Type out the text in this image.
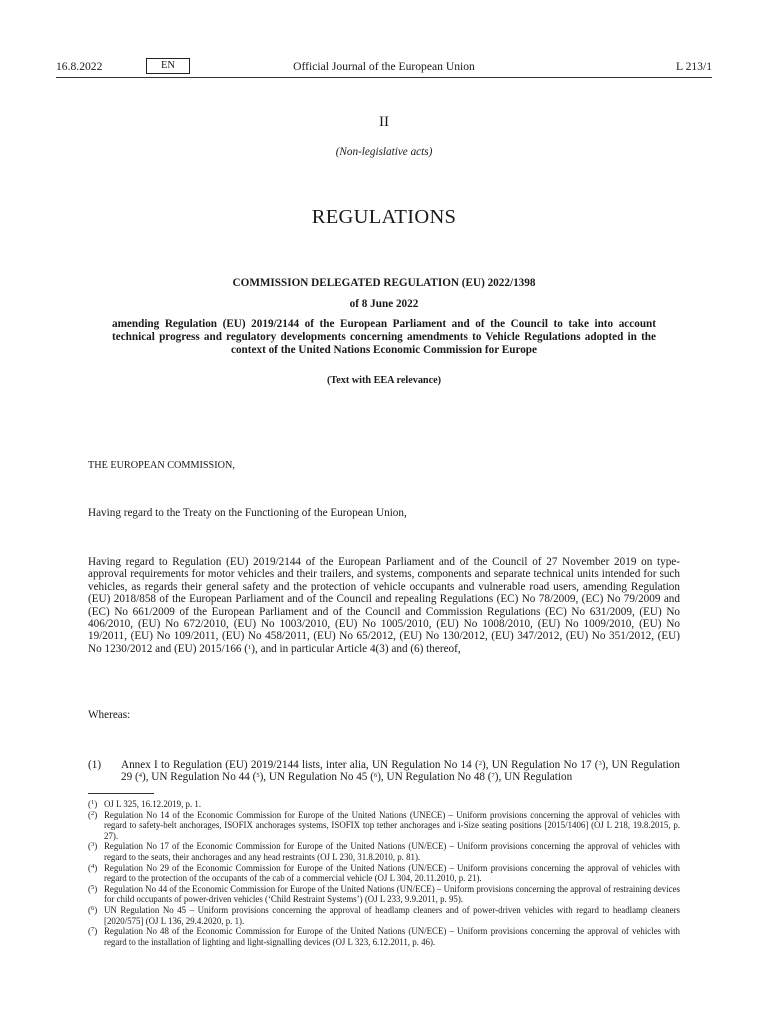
16.8.2022	EN	Official Journal of the European Union	L 213/1
II
(Non-legislative acts)
REGULATIONS
COMMISSION DELEGATED REGULATION (EU) 2022/1398
of 8 June 2022
amending Regulation (EU) 2019/2144 of the European Parliament and of the Council to take into account technical progress and regulatory developments concerning amendments to Vehicle Regulations adopted in the context of the United Nations Economic Commission for Europe
(Text with EEA relevance)
THE EUROPEAN COMMISSION,
Having regard to the Treaty on the Functioning of the European Union,
Having regard to Regulation (EU) 2019/2144 of the European Parliament and of the Council of 27 November 2019 on type-approval requirements for motor vehicles and their trailers, and systems, components and separate technical units intended for such vehicles, as regards their general safety and the protection of vehicle occupants and vulnerable road users, amending Regulation (EU) 2018/858 of the European Parliament and of the Council and repealing Regulations (EC) No 78/2009, (EC) No 79/2009 and (EC) No 661/2009 of the European Parliament and of the Council and Commission Regulations (EC) No 631/2009, (EU) No 406/2010, (EU) No 672/2010, (EU) No 1003/2010, (EU) No 1005/2010, (EU) No 1008/2010, (EU) No 1009/2010, (EU) No 19/2011, (EU) No 109/2011, (EU) No 458/2011, (EU) No 65/2012, (EU) No 130/2012, (EU) 347/2012, (EU) No 351/2012, (EU) No 1230/2012 and (EU) 2015/166 ($^1$), and in particular Article 4(3) and (6) thereof,
Whereas:
(1) Annex I to Regulation (EU) 2019/2144 lists, inter alia, UN Regulation No 14 ($^2$), UN Regulation No 17 ($^3$), UN Regulation 29 ($^4$), UN Regulation No 44 ($^5$), UN Regulation No 45 ($^6$), UN Regulation No 48 ($^7$), UN Regulation
($^1$) OJ L 325, 16.12.2019, p. 1.
($^2$) Regulation No 14 of the Economic Commission for Europe of the United Nations (UNECE) – Uniform provisions concerning the approval of vehicles with regard to safety-belt anchorages, ISOFIX anchorages systems, ISOFIX top tether anchorages and i-Size seating positions [2015/1406] (OJ L 218, 19.8.2015, p. 27).
($^3$) Regulation No 17 of the Economic Commission for Europe of the United Nations (UN/ECE) – Uniform provisions concerning the approval of vehicles with regard to the seats, their anchorages and any head restraints (OJ L 230, 31.8.2010, p. 81).
($^4$) Regulation No 29 of the Economic Commission for Europe of the United Nations (UN/ECE) – Uniform provisions concerning the approval of vehicles with regard to the protection of the occupants of the cab of a commercial vehicle (OJ L 304, 20.11.2010, p. 21).
($^5$) Regulation No 44 of the Economic Commission for Europe of the United Nations (UN/ECE) – Uniform provisions concerning the approval of restraining devices for child occupants of power-driven vehicles (‘Child Restraint Systems’) (OJ L 233, 9.9.2011, p. 95).
($^6$) UN Regulation No 45 – Uniform provisions concerning the approval of headlamp cleaners and of power-driven vehicles with regard to headlamp cleaners [2020/575] (OJ L 136, 29.4.2020, p. 1).
($^7$) Regulation No 48 of the Economic Commission for Europe of the United Nations (UN/ECE) – Uniform provisions concerning the approval of vehicles with regard to the installation of lighting and light-signalling devices (OJ L 323, 6.12.2011, p. 46).
